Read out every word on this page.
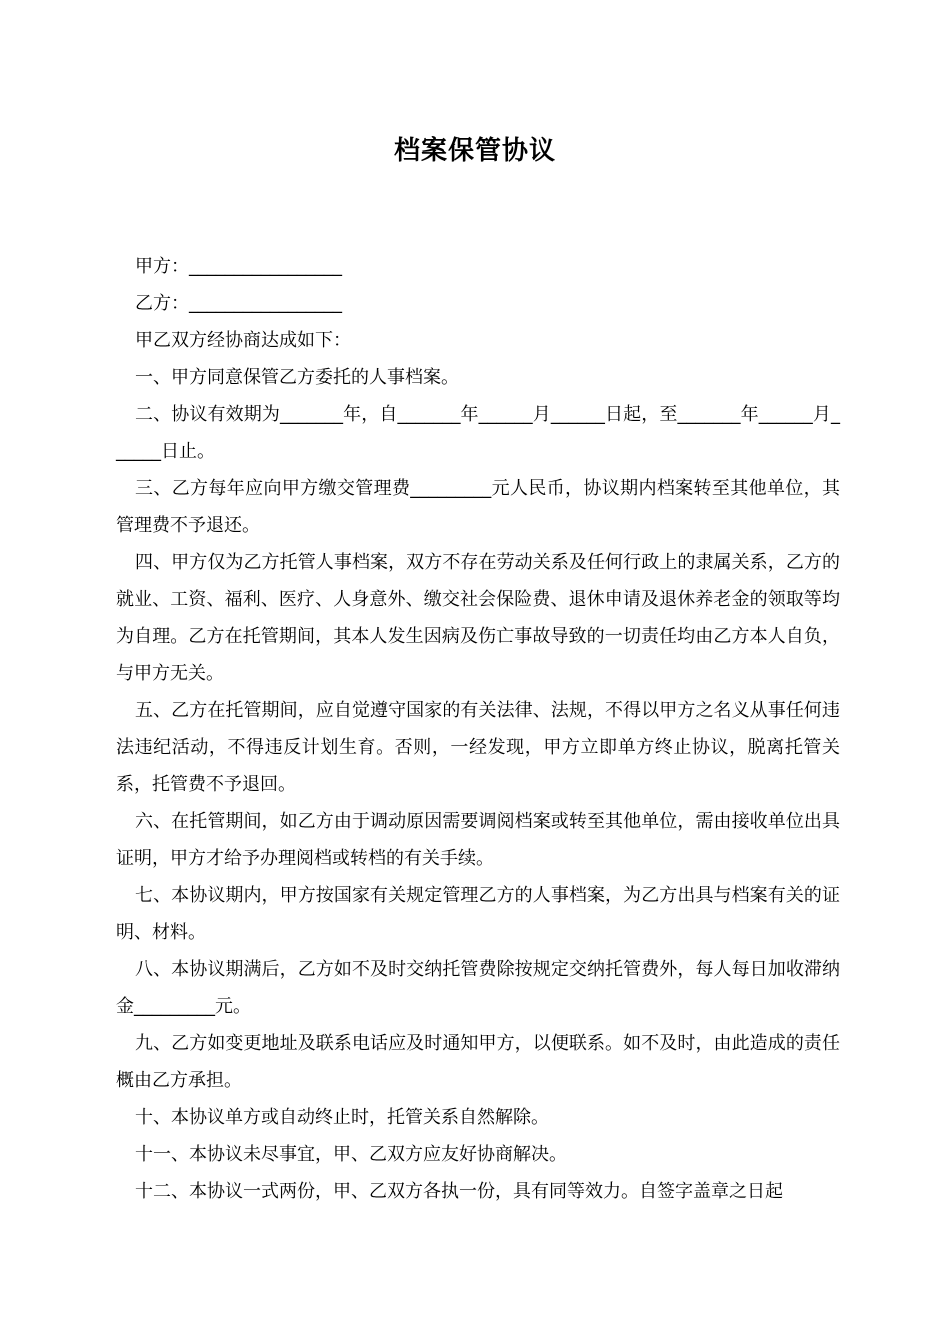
档案保管协议

甲方：_________________

乙方：_________________

甲乙双方经协商达成如下：

一、甲方同意保管乙方委托的人事档案。

二、协议有效期为_______年，自_______年______月______日起，至_______年______月______日止。

三、乙方每年应向甲方缴交管理费_________元人民币，协议期内档案转至其他单位，其管理费不予退还。

四、甲方仅为乙方托管人事档案，双方不存在劳动关系及任何行政上的隶属关系，乙方的就业、工资、福利、医疗、人身意外、缴交社会保险费、退休申请及退休养老金的领取等均为自理。乙方在托管期间，其本人发生因病及伤亡事故导致的一切责任均由乙方本人自负，与甲方无关。

五、乙方在托管期间，应自觉遵守国家的有关法律、法规，不得以甲方之名义从事任何违法违纪活动，不得违反计划生育。否则，一经发现，甲方立即单方终止协议，脱离托管关系，托管费不予退回。

六、在托管期间，如乙方由于调动原因需要调阅档案或转至其他单位，需由接收单位出具证明，甲方才给予办理阅档或转档的有关手续。

七、本协议期内，甲方按国家有关规定管理乙方的人事档案，为乙方出具与档案有关的证明、材料。

八、本协议期满后，乙方如不及时交纳托管费除按规定交纳托管费外，每人每日加收滞纳金_________元。

九、乙方如变更地址及联系电话应及时通知甲方，以便联系。如不及时，由此造成的责任概由乙方承担。

十、本协议单方或自动终止时，托管关系自然解除。

十一、本协议未尽事宜，甲、乙双方应友好协商解决。

十二、本协议一式两份，甲、乙双方各执一份，具有同等效力。自签字盖章之日起
